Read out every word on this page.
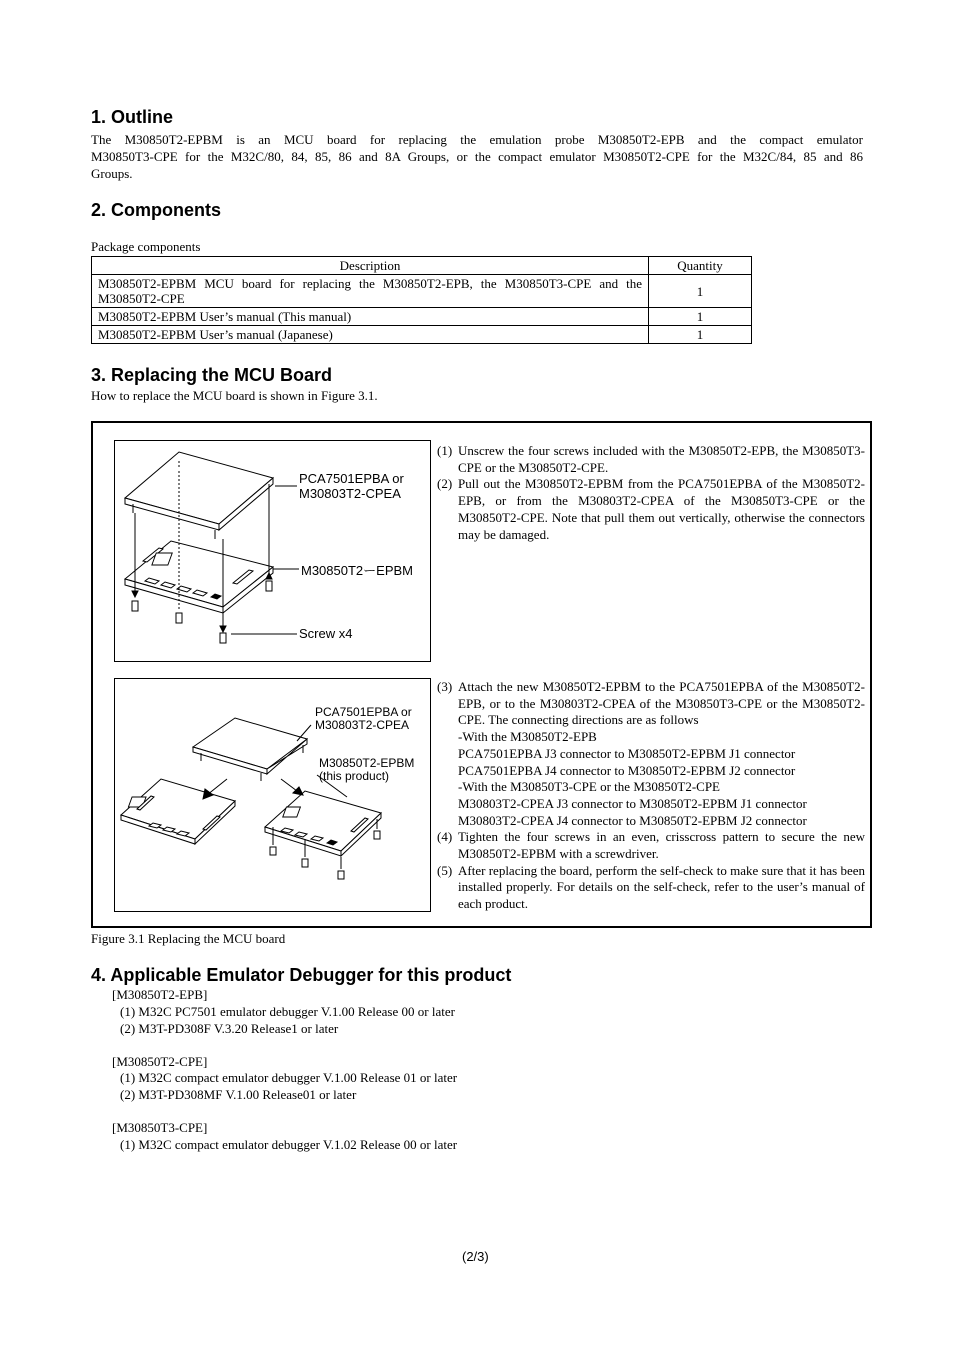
1. Outline
The M30850T2-EPBM is an MCU board for replacing the emulation probe M30850T2-EPB and the compact emulator
M30850T3-CPE for the M32C/80, 84, 85, 86 and 8A Groups, or the compact emulator M30850T2-CPE for the M32C/84, 85 and 86
Groups.
2. Components
Package components
Description	Quantity
M30850T2-EPBM MCU board for replacing the M30850T2-EPB, the M30850T3-CPE and the M30850T2-CPE	1
M30850T2-EPBM User’s manual (This manual)	1
M30850T2-EPBM User’s manual (Japanese)	1
3. Replacing the MCU Board
How to replace the MCU board is shown in Figure 3.1.
PCA7501EPBA or
M30803T2-CPEA
M30850T2ーEPBM
Screw x4
(1) Unscrew the four screws included with the M30850T2-EPB, the M30850T3-CPE or the M30850T2-CPE.
(2) Pull out the M30850T2-EPBM from the PCA7501EPBA of the M30850T2-EPB, or from the M30803T2-CPEA of the M30850T3-CPE or the M30850T2-CPE. Note that pull them out vertically, otherwise the connectors may be damaged.
PCA7501EPBA or
M30803T2-CPEA
M30850T2-EPBM
(this product)
(3) Attach the new M30850T2-EPBM to the PCA7501EPBA of the M30850T2-EPB, or to the M30803T2-CPEA of the M30850T3-CPE or the M30850T2-CPE. The connecting directions are as follows
-With the M30850T2-EPB
PCA7501EPBA J3 connector to M30850T2-EPBM J1 connector
PCA7501EPBA J4 connector to M30850T2-EPBM J2 connector
-With the M30850T3-CPE or the M30850T2-CPE
M30803T2-CPEA J3 connector to M30850T2-EPBM J1 connector
M30803T2-CPEA J4 connector to M30850T2-EPBM J2 connector
(4) Tighten the four screws in an even, crisscross pattern to secure the new M30850T2-EPBM with a screwdriver.
(5) After replacing the board, perform the self-check to make sure that it has been installed properly. For details on the self-check, refer to the user’s manual of each product.
Figure 3.1 Replacing the MCU board
4. Applicable Emulator Debugger for this product
[M30850T2-EPB]
(1) M32C PC7501 emulator debugger V.1.00 Release 00 or later
(2) M3T-PD308F V.3.20 Release1 or later
[M30850T2-CPE]
(1) M32C compact emulator debugger V.1.00 Release 01 or later
(2) M3T-PD308MF V.1.00 Release01 or later
[M30850T3-CPE]
(1) M32C compact emulator debugger V.1.02 Release 00 or later
(2/3)
